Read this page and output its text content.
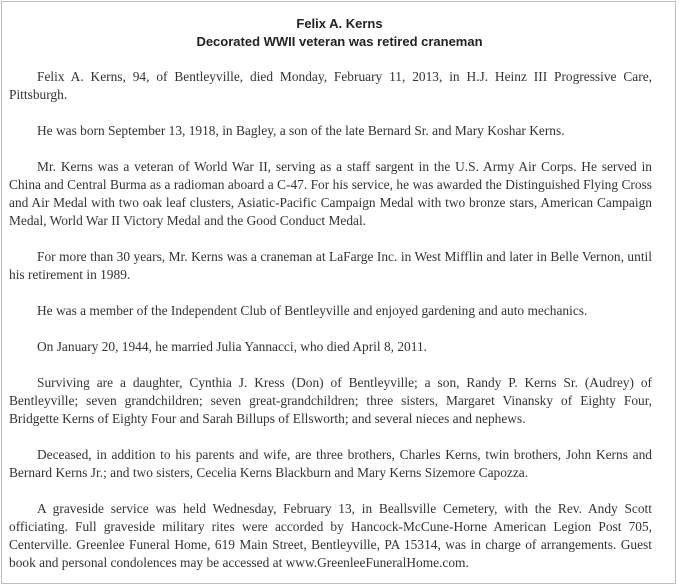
Felix A. Kerns
Decorated WWII veteran was retired craneman

Felix A. Kerns, 94, of Bentleyville, died Monday, February 11, 2013, in H.J. Heinz III Progressive Care, Pittsburgh.

He was born September 13, 1918, in Bagley, a son of the late Bernard Sr. and Mary Koshar Kerns.

Mr. Kerns was a veteran of World War II, serving as a staff sargent in the U.S. Army Air Corps. He served in China and Central Burma as a radioman aboard a C-47. For his service, he was awarded the Distinguished Flying Cross and Air Medal with two oak leaf clusters, Asiatic-Pacific Campaign Medal with two bronze stars, American Campaign Medal, World War II Victory Medal and the Good Conduct Medal.

For more than 30 years, Mr. Kerns was a craneman at LaFarge Inc. in West Mifflin and later in Belle Vernon, until his retirement in 1989.

He was a member of the Independent Club of Bentleyville and enjoyed gardening and auto mechanics.

On January 20, 1944, he married Julia Yannacci, who died April 8, 2011.

Surviving are a daughter, Cynthia J. Kress (Don) of Bentleyville; a son, Randy P. Kerns Sr. (Audrey) of Bentleyville; seven grandchildren; seven great-grandchildren; three sisters, Margaret Vinansky of Eighty Four, Bridgette Kerns of Eighty Four and Sarah Billups of Ellsworth; and several nieces and nephews.

Deceased, in addition to his parents and wife, are three brothers, Charles Kerns, twin brothers, John Kerns and Bernard Kerns Jr.; and two sisters, Cecelia Kerns Blackburn and Mary Kerns Sizemore Capozza.

A graveside service was held Wednesday, February 13, in Beallsville Cemetery, with the Rev. Andy Scott officiating. Full graveside military rites were accorded by Hancock-McCune-Horne American Legion Post 705, Centerville. Greenlee Funeral Home, 619 Main Street, Bentleyville, PA 15314, was in charge of arrangements. Guest book and personal condolences may be accessed at www.GreenleeFuneralHome.com.
